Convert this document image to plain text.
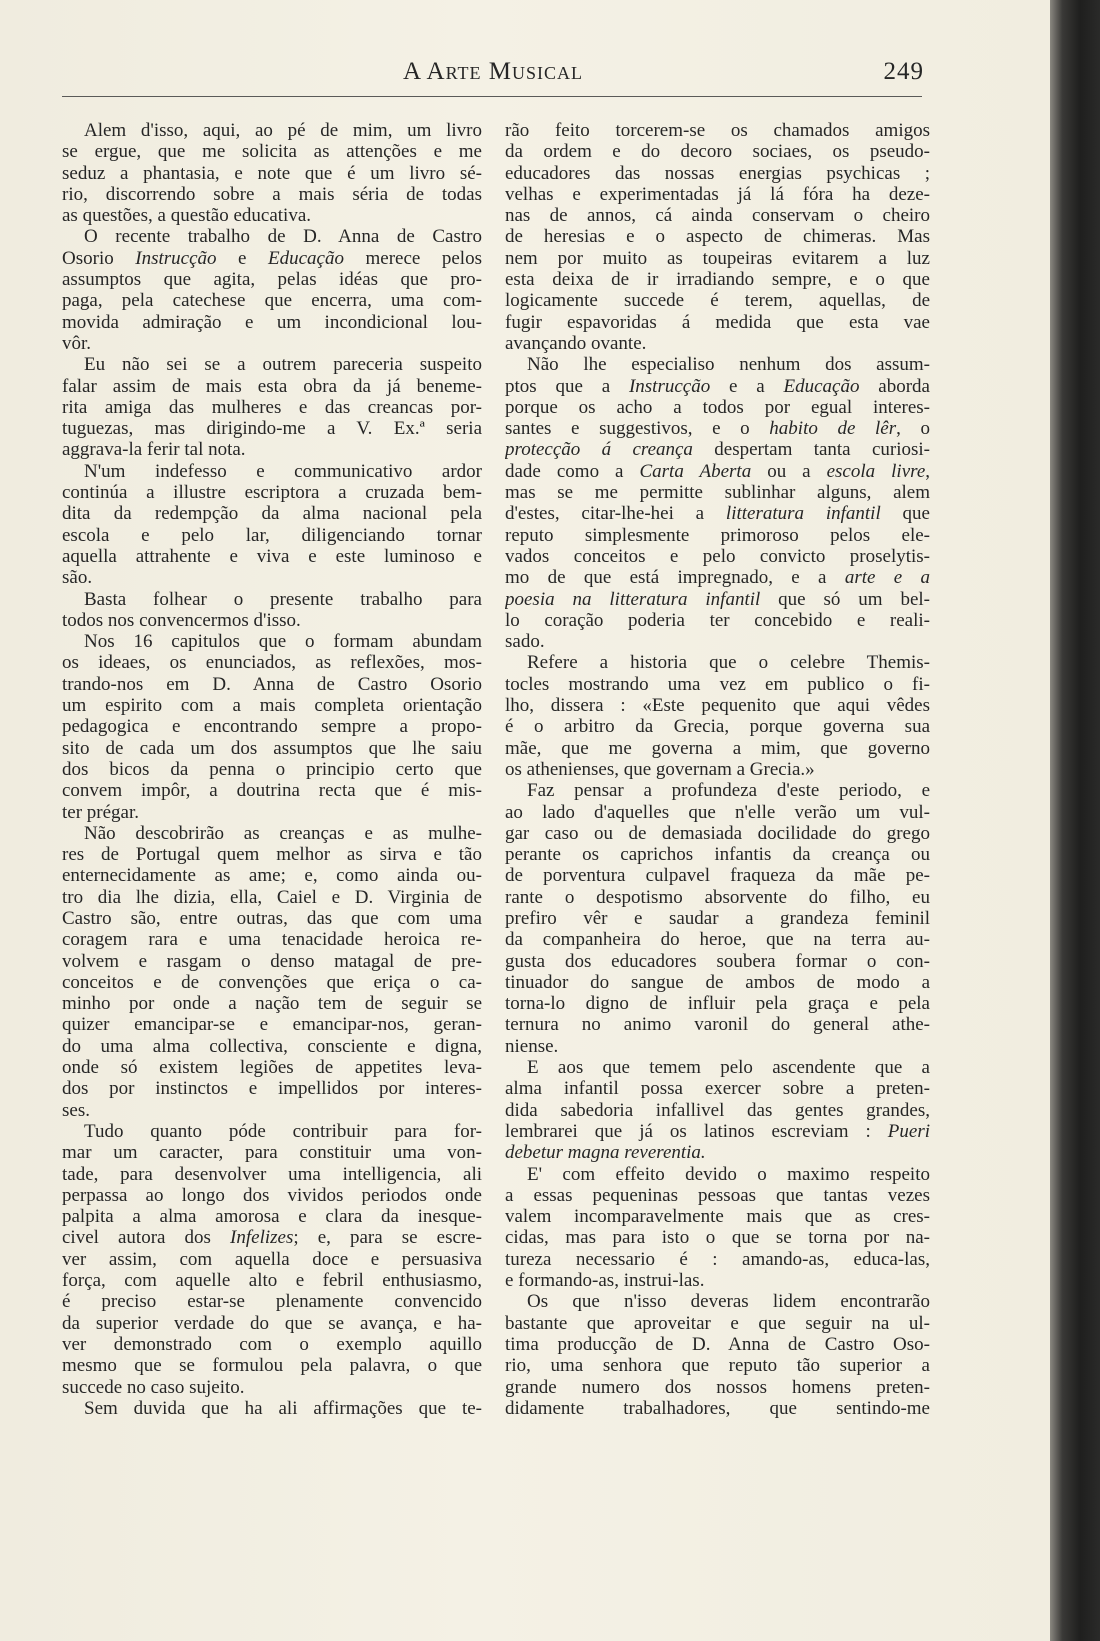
A Arte Musical	249
Alem d'isso, aqui, ao pé de mim, um livro
se ergue, que me solicita as attenções e me
seduz a phantasia, e note que é um livro sé-
rio, discorrendo sobre a mais séria de todas
as questões, a questão educativa.
O recente trabalho de D. Anna de Castro
Osorio Instrucção e Educação merece pelos
assumptos que agita, pelas idéas que pro-
paga, pela catechese que encerra, uma com-
movida admiração e um incondicional lou-
vôr.
Eu não sei se a outrem pareceria suspeito
falar assim de mais esta obra da já beneme-
rita amiga das mulheres e das creancas por-
tuguezas, mas dirigindo-me a V. Ex.ª seria
aggrava-la ferir tal nota.
N'um indefesso e communicativo ardor
continúa a illustre escriptora a cruzada bem-
dita da redempção da alma nacional pela
escola e pelo lar, diligenciando tornar
aquella attrahente e viva e este luminoso e
são.
Basta folhear o presente trabalho para
todos nos convencermos d'isso.
Nos 16 capitulos que o formam abundam
os ideaes, os enunciados, as reflexões, mos-
trando-nos em D. Anna de Castro Osorio
um espirito com a mais completa orientação
pedagogica e encontrando sempre a propo-
sito de cada um dos assumptos que lhe saiu
dos bicos da penna o principio certo que
convem impôr, a doutrina recta que é mis-
ter prégar.
Não descobrirão as creanças e as mulhe-
res de Portugal quem melhor as sirva e tão
enternecidamente as ame; e, como ainda ou-
tro dia lhe dizia, ella, Caiel e D. Virginia de
Castro são, entre outras, das que com uma
coragem rara e uma tenacidade heroica re-
volvem e rasgam o denso matagal de pre-
conceitos e de convenções que eriça o ca-
minho por onde a nação tem de seguir se
quizer emancipar-se e emancipar-nos, geran-
do uma alma collectiva, consciente e digna,
onde só existem legiões de appetites leva-
dos por instinctos e impellidos por interes-
ses.
Tudo quanto póde contribuir para for-
mar um caracter, para constituir uma von-
tade, para desenvolver uma intelligencia, ali
perpassa ao longo dos vividos periodos onde
palpita a alma amorosa e clara da inesque-
civel autora dos Infelizes; e, para se escre-
ver assim, com aquella doce e persuasiva
força, com aquelle alto e febril enthusiasmo,
é preciso estar-se plenamente convencido
da superior verdade do que se avança, e ha-
ver demonstrado com o exemplo aquillo
mesmo que se formulou pela palavra, o que
succede no caso sujeito.
Sem duvida que ha ali affirmações que te-
rão feito torcerem-se os chamados amigos
da ordem e do decoro sociaes, os pseudo-
educadores das nossas energias psychicas ;
velhas e experimentadas já lá fóra ha deze-
nas de annos, cá ainda conservam o cheiro
de heresias e o aspecto de chimeras. Mas
nem por muito as toupeiras evitarem a luz
esta deixa de ir irradiando sempre, e o que
logicamente succede é terem, aquellas, de
fugir espavoridas á medida que esta vae
avançando ovante.
Não lhe especialiso nenhum dos assum-
ptos que a Instrucção e a Educação aborda
porque os acho a todos por egual interes-
santes e suggestivos, e o habito de lêr, o
protecção á creança despertam tanta curiosi-
dade como a Carta Aberta ou a escola livre,
mas se me permitte sublinhar alguns, alem
d'estes, citar-lhe-hei a litteratura infantil que
reputo simplesmente primoroso pelos ele-
vados conceitos e pelo convicto proselytis-
mo de que está impregnado, e a arte e a
poesia na litteratura infantil que só um bel-
lo coração poderia ter concebido e reali-
sado.
Refere a historia que o celebre Themis-
tocles mostrando uma vez em publico o fi-
lho, dissera : «Este pequenito que aqui vêdes
é o arbitro da Grecia, porque governa sua
mãe, que me governa a mim, que governo
os athenienses, que governam a Grecia.»
Faz pensar a profundeza d'este periodo, e
ao lado d'aquelles que n'elle verão um vul-
gar caso ou de demasiada docilidade do grego
perante os caprichos infantis da creança ou
de porventura culpavel fraqueza da mãe pe-
rante o despotismo absorvente do filho, eu
prefiro vêr e saudar a grandeza feminil
da companheira do heroe, que na terra au-
gusta dos educadores soubera formar o con-
tinuador do sangue de ambos de modo a
torna-lo digno de influir pela graça e pela
ternura no animo varonil do general athe-
niense.
E aos que temem pelo ascendente que a
alma infantil possa exercer sobre a preten-
dida sabedoria infallivel das gentes grandes,
lembrarei que já os latinos escreviam : Pueri
debetur magna reverentia.
E' com effeito devido o maximo respeito
a essas pequeninas pessoas que tantas vezes
valem incomparavelmente mais que as cres-
cidas, mas para isto o que se torna por na-
tureza necessario é : amando-as, educa-las,
e formando-as, instrui-las.
Os que n'isso deveras lidem encontrarão
bastante que aproveitar e que seguir na ul-
tima producção de D. Anna de Castro Oso-
rio, uma senhora que reputo tão superior a
grande numero dos nossos homens preten-
didamente trabalhadores, que sentindo-me
